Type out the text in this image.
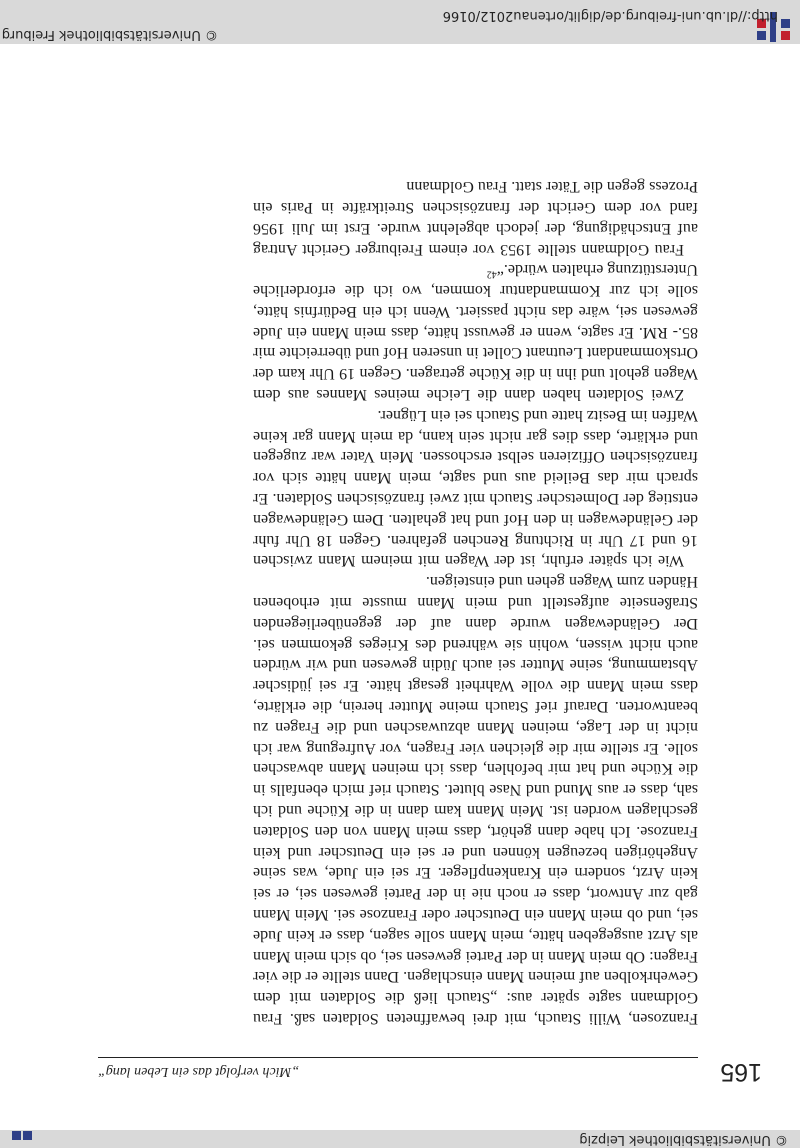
© Universitätsbibliothek Leipzig
„Mich verfolgt das ein Leben lang“	165

Franzosen, Willi Stauch, mit drei bewaffneten Soldaten saß. Frau Goldmann sagte später aus: „Stauch ließ die Soldaten mit dem Gewehrkolben auf meinen Mann einschlagen. Dann stellte er die vier Fragen: Ob mein Mann in der Partei gewesen sei, ob sich mein Mann als Arzt ausgegeben hätte, mein Mann solle sagen, dass er kein Jude sei, und ob mein Mann ein Deutscher oder Franzose sei. Mein Mann gab zur Antwort, dass er noch nie in der Partei gewesen sei, er sei kein Arzt, sondern ein Krankenpfleger. Er sei ein Jude, was seine Angehörigen bezeugen können und er sei ein Deutscher und kein Franzose. Ich habe dann gehört, dass mein Mann von den Soldaten geschlagen worden ist. Mein Mann kam dann in die Küche und ich sah, dass er aus Mund und Nase blutet. Stauch rief mich ebenfalls in die Küche und hat mir befohlen, dass ich meinen Mann abwaschen solle. Er stellte mir die gleichen vier Fragen, vor Aufregung war ich nicht in der Lage, meinen Mann abzuwaschen und die Fragen zu beantworten. Darauf rief Stauch meine Mutter herein, die erklärte, dass mein Mann die volle Wahrheit gesagt hätte. Er sei jüdischer Abstammung, seine Mutter sei auch Jüdin gewesen und wir würden auch nicht wissen, wohin sie während des Krieges gekommen sei. Der Geländewagen wurde dann auf der gegenüberliegenden Straßenseite aufgestellt und mein Mann musste mit erhobenen Händen zum Wagen gehen und einsteigen.

Wie ich später erfuhr, ist der Wagen mit meinem Mann zwischen 16 und 17 Uhr in Richtung Renchen gefahren. Gegen 18 Uhr fuhr der Geländewagen in den Hof und hat gehalten. Dem Geländewagen entstieg der Dolmetscher Stauch mit zwei französischen Soldaten. Er sprach mir das Beileid aus und sagte, mein Mann hätte sich vor französischen Offizieren selbst erschossen. Mein Vater war zugegen und erklärte, dass dies gar nicht sein kann, da mein Mann gar keine Waffen im Besitz hatte und Stauch sei ein Lügner.

Zwei Soldaten haben dann die Leiche meines Mannes aus dem Wagen geholt und ihn in die Küche getragen. Gegen 19 Uhr kam der Ortskommandant Leutnant Collet in unseren Hof und überreichte mir 85.- RM. Er sagte, wenn er gewusst hätte, dass mein Mann ein Jude gewesen sei, wäre das nicht passiert. Wenn ich ein Bedürfnis hätte, solle ich zur Kommandantur kommen, wo ich die erforderliche Unterstützung erhalten würde.“$^{42}$

Frau Goldmann stellte 1953 vor einem Freiburger Gericht Antrag auf Entschädigung, der jedoch abgelehnt wurde. Erst im Juli 1956 fand vor dem Gericht der französischen Streitkräfte in Paris ein Prozess gegen die Täter statt. Frau Goldmann

© Universitätsbibliothek Freiburg
http://dl.ub.uni-freiburg.de/diglit/ortenau2012/0166
